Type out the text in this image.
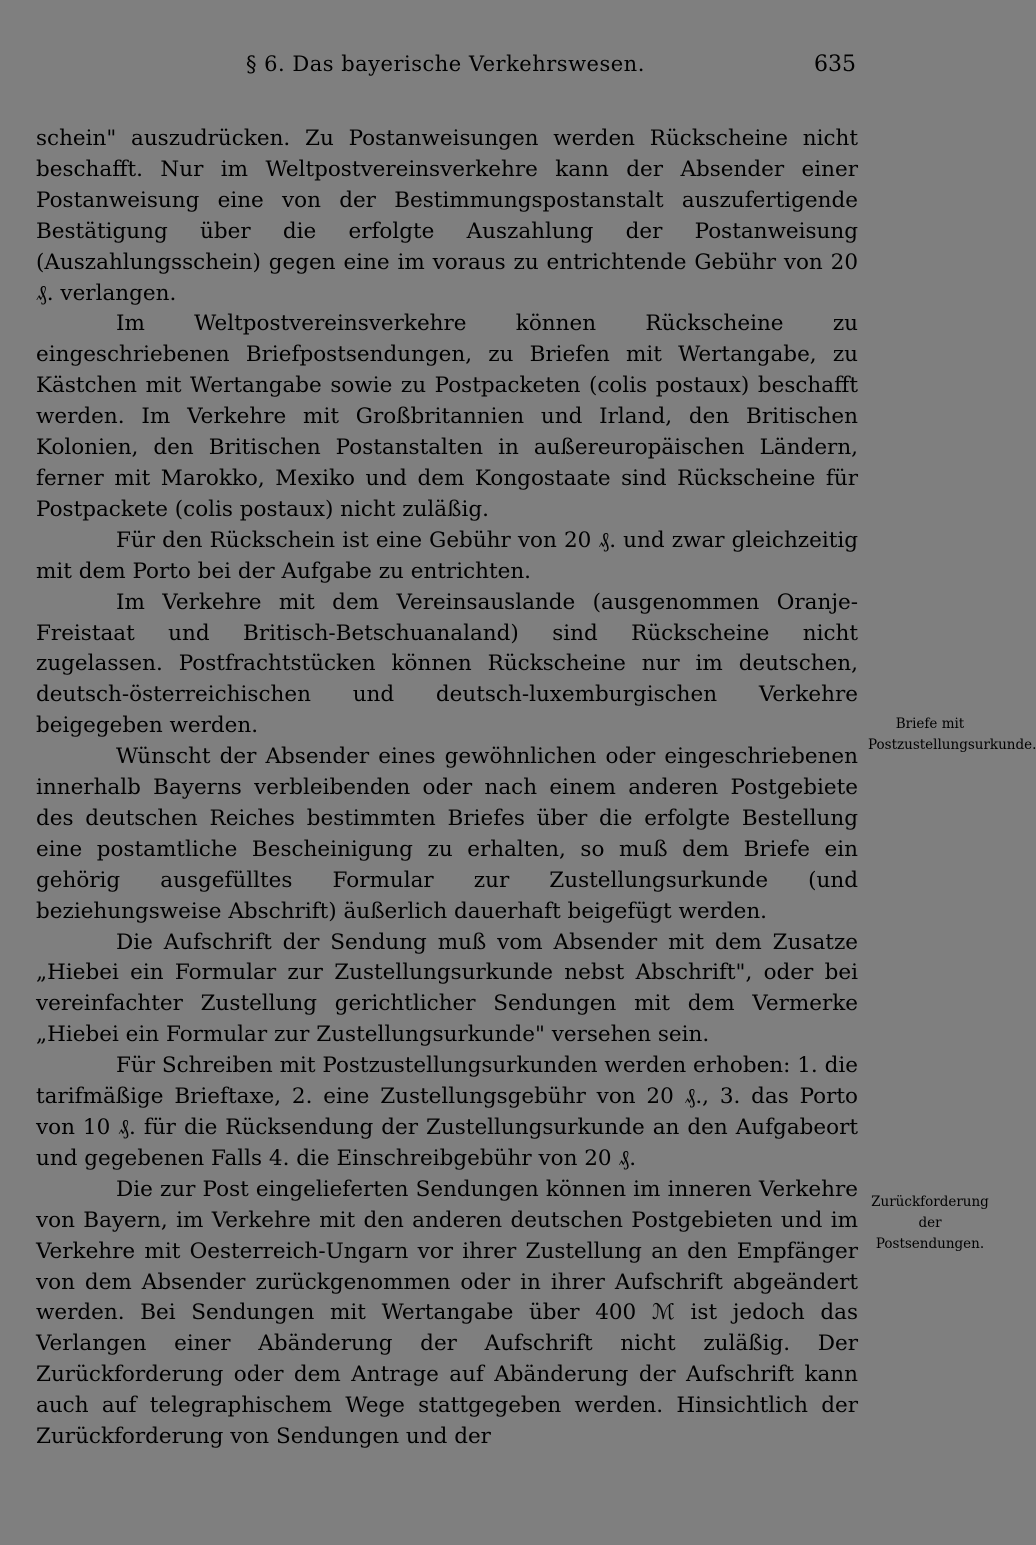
§ 6. Das bayerische Verkehrswesen.	635

schein" auszudrücken. Zu Postanweisungen werden Rückscheine nicht beschafft. Nur im Weltpostvereinsverkehre kann der Absender einer Postanweisung eine von der Bestimmungspostanstalt auszufertigende Bestätigung über die erfolgte Auszahlung der Postanweisung (Auszahlungsschein) gegen eine im voraus zu entrichtende Gebühr von 20 ₰. verlangen.

Im Weltpostvereinsverkehre können Rückscheine zu eingeschriebenen Briefpostsendungen, zu Briefen mit Wertangabe, zu Kästchen mit Wertangabe sowie zu Postpacketen (colis postaux) beschafft werden. Im Verkehre mit Großbritannien und Irland, den Britischen Kolonien, den Britischen Postanstalten in außereuropäischen Ländern, ferner mit Marokko, Mexiko und dem Kongostaate sind Rückscheine für Postpackete (colis postaux) nicht zuläßig.

Für den Rückschein ist eine Gebühr von 20 ₰. und zwar gleichzeitig mit dem Porto bei der Aufgabe zu entrichten.

Im Verkehre mit dem Vereinsauslande (ausgenommen Oranje-Freistaat und Britisch-Betschuanaland) sind Rückscheine nicht zugelassen. Postfrachtstücken können Rückscheine nur im deutschen, deutsch-österreichischen und deutsch-luxemburgischen Verkehre beigegeben werden.

Wünscht der Absender eines gewöhnlichen oder eingeschriebenen innerhalb Bayerns verbleibenden oder nach einem anderen Postgebiete des deutschen Reiches bestimmten Briefes über die erfolgte Bestellung eine postamtliche Bescheinigung zu erhalten, so muß dem Briefe ein gehörig ausgefülltes Formular zur Zustellungsurkunde (und beziehungsweise Abschrift) äußerlich dauerhaft beigefügt werden.

Die Aufschrift der Sendung muß vom Absender mit dem Zusatze „Hiebei ein Formular zur Zustellungsurkunde nebst Abschrift", oder bei vereinfachter Zustellung gerichtlicher Sendungen mit dem Vermerke „Hiebei ein Formular zur Zustellungsurkunde" versehen sein.

Für Schreiben mit Postzustellungsurkunden werden erhoben: 1. die tarifmäßige Brieftaxe, 2. eine Zustellungsgebühr von 20 ₰., 3. das Porto von 10 ₰. für die Rücksendung der Zustellungsurkunde an den Aufgabeort und gegebenen Falls 4. die Einschreibgebühr von 20 ₰.

Die zur Post eingelieferten Sendungen können im inneren Verkehre von Bayern, im Verkehre mit den anderen deutschen Postgebieten und im Verkehre mit Oesterreich-Ungarn vor ihrer Zustellung an den Empfänger von dem Absender zurückgenommen oder in ihrer Aufschrift abgeändert werden. Bei Sendungen mit Wertangabe über 400 ℳ ist jedoch das Verlangen einer Abänderung der Aufschrift nicht zuläßig. Der Zurückforderung oder dem Antrage auf Abänderung der Aufschrift kann auch auf telegraphischem Wege stattgegeben werden. Hinsichtlich der Zurückforderung von Sendungen und der

Briefe mit Postzustellungsurkunde.
Zurückforderung der Postsendungen.
